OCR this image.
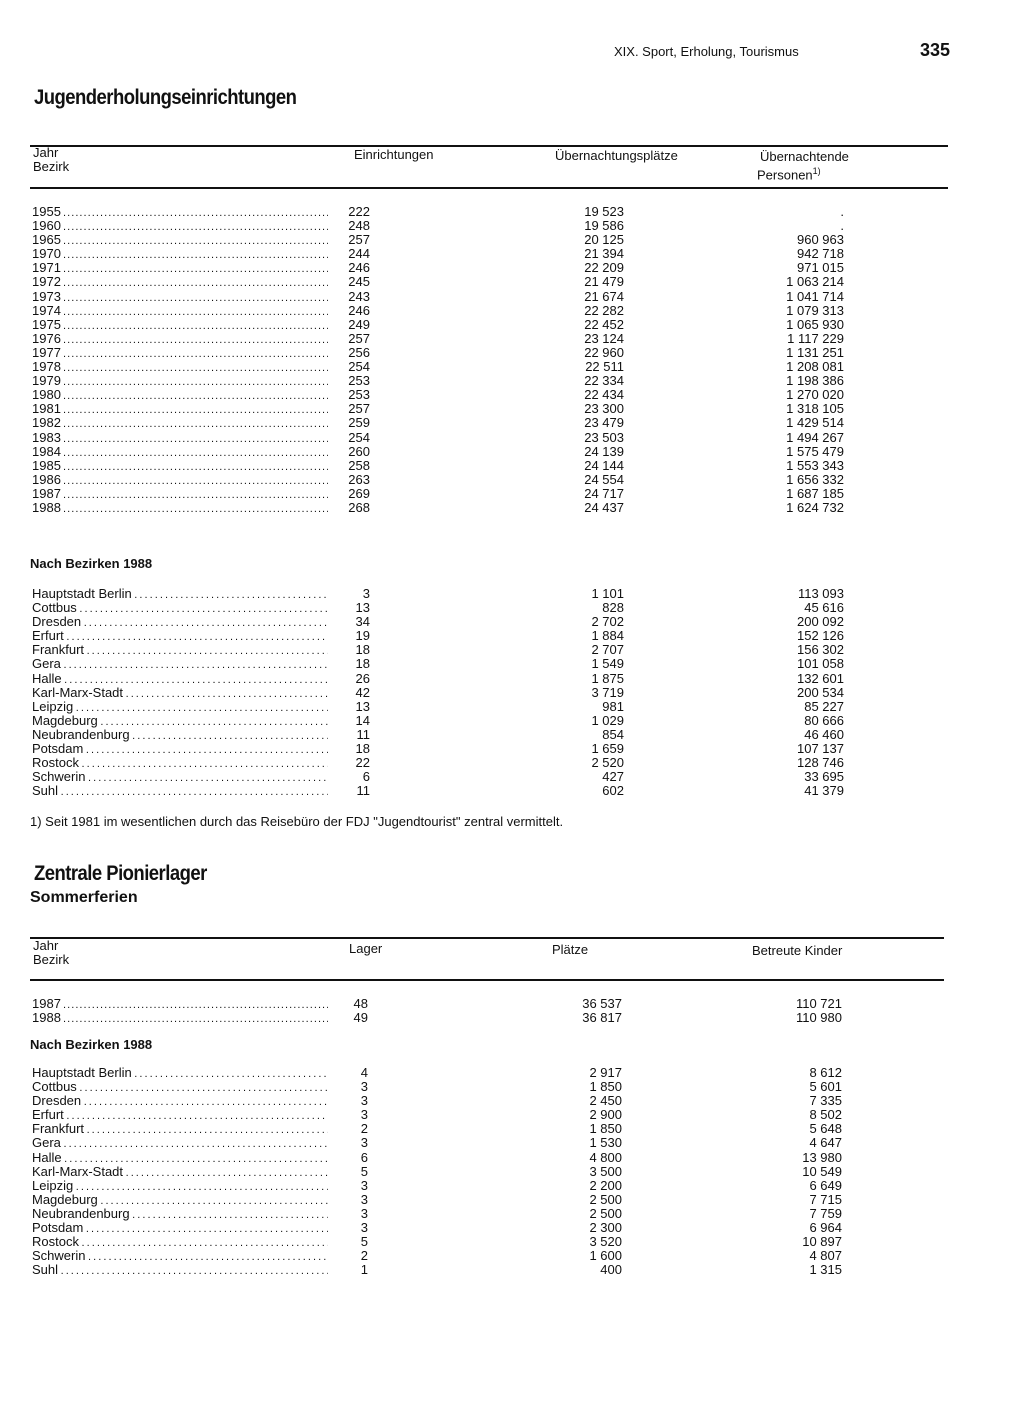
XIX. Sport, Erholung, Tourismus	335
Jugenderholungseinrichtungen
Jahr
Bezirk
Einrichtungen	Übernachtungsplätze	Übernachtende
Personen$^{1)}$
1955 . . .	222	19 523	.
1960 . . .	248	19 586	.
1965 . . .	257	20 125	960 963
1970 . . .	244	21 394	942 718
1971 . . .	246	22 209	971 015
1972 . . .	245	21 479	1 063 214
1973 . . .	243	21 674	1 041 714
1974 . . .	246	22 282	1 079 313
1975 . . .	249	22 452	1 065 930
1976 . . .	257	23 124	1 117 229
1977 . . .	256	22 960	1 131 251
1978 . . .	254	22 511	1 208 081
1979 . . .	253	22 334	1 198 386
1980 . . .	253	22 434	1 270 020
1981 . . .	257	23 300	1 318 105
1982 . . .	259	23 479	1 429 514
1983 . . .	254	23 503	1 494 267
1984 . . .	260	24 139	1 575 479
1985 . . .	258	24 144	1 553 343
1986 . . .	263	24 554	1 656 332
1987 . . .	269	24 717	1 687 185
1988 . . .	268	24 437	1 624 732
Nach Bezirken 1988
Hauptstadt Berlin . . .	3	1 101	113 093
Cottbus . . .	13	828	45 616
Dresden . . .	34	2 702	200 092
Erfurt . . .	19	1 884	152 126
Frankfurt . . .	18	2 707	156 302
Gera . . .	18	1 549	101 058
Halle . . .	26	1 875	132 601
Karl-Marx-Stadt . . .	42	3 719	200 534
Leipzig . . .	13	981	85 227
Magdeburg . . .	14	1 029	80 666
Neubrandenburg . . .	11	854	46 460
Potsdam . . .	18	1 659	107 137
Rostock . . .	22	2 520	128 746
Schwerin . . .	6	427	33 695
Suhl . . .	11	602	41 379
1) Seit 1981 im wesentlichen durch das Reisebüro der FDJ "Jugendtourist" zentral vermittelt.
Zentrale Pionierlager
Sommerferien
Jahr
Bezirk
Lager	Plätze	Betreute Kinder
1987 . . .	48	36 537	110 721
1988 . . .	49	36 817	110 980
Nach Bezirken 1988
Hauptstadt Berlin . . .	4	2 917	8 612
Cottbus . . .	3	1 850	5 601
Dresden . . .	3	2 450	7 335
Erfurt . . .	3	2 900	8 502
Frankfurt . . .	2	1 850	5 648
Gera . . .	3	1 530	4 647
Halle . . .	6	4 800	13 980
Karl-Marx-Stadt . . .	5	3 500	10 549
Leipzig . . .	3	2 200	6 649
Magdeburg . . .	3	2 500	7 715
Neubrandenburg . . .	3	2 500	7 759
Potsdam . . .	3	2 300	6 964
Rostock . . .	5	3 520	10 897
Schwerin . . .	2	1 600	4 807
Suhl . . .	1	400	1 315
